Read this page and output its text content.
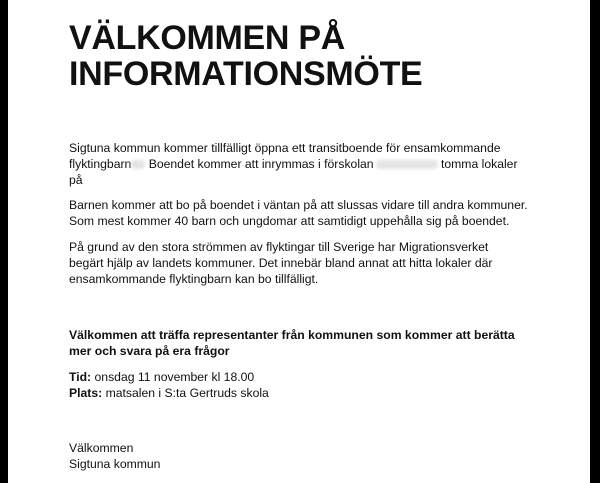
VÄLKOMMEN PÅ
INFORMATIONSMÖTE

Sigtuna kommun kommer tillfälligt öppna ett transitboende för ensamkommande
flyktingbarn Boendet kommer att inrymmas i förskolan	tomma lokaler
på

Barnen kommer att bo på boendet i väntan på att slussas vidare till andra kommuner.
Som mest kommer 40 barn och ungdomar att samtidigt uppehålla sig på boendet.

På grund av den stora strömmen av flyktingar till Sverige har Migrationsverket
begärt hjälp av landets kommuner. Det innebär bland annat att hitta lokaler där
ensamkommande flyktingbarn kan bo tillfälligt.

Välkommen att träffa representanter från kommunen som kommer att berätta
mer och svara på era frågor

Tid: onsdag 11 november kl 18.00
Plats: matsalen i S:ta Gertruds skola

Välkommen
Sigtuna kommun
